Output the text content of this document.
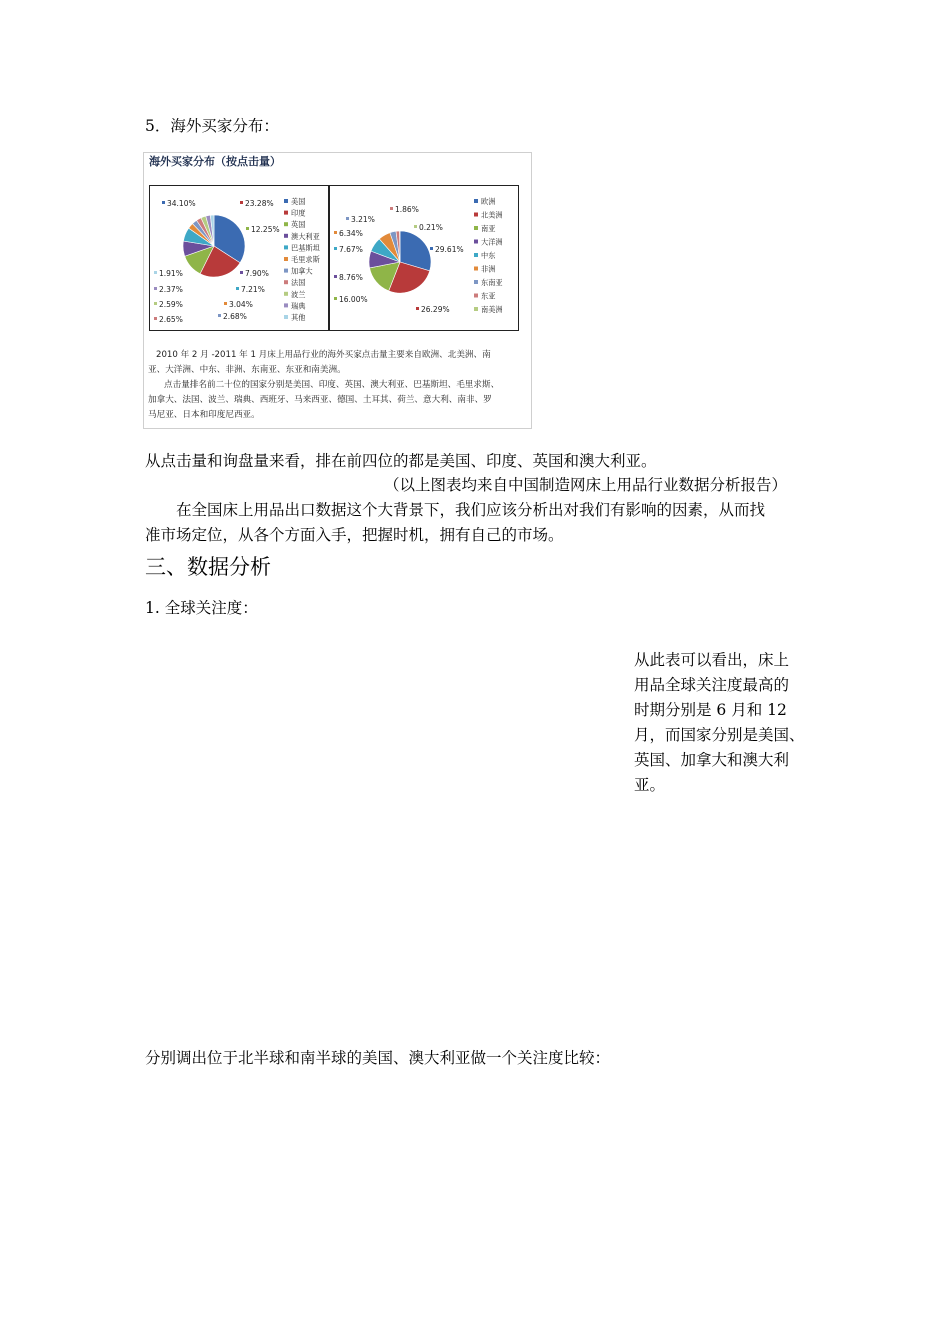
5．海外买家分布：
海外买家分布（按点击量）
34.10%	23.28%
12.25%
7.90%
7.21%
3.04%
2.68%
2.65%
2.59%
2.37%
1.91%
美国
印度
英国
澳大利亚
巴基斯坦
毛里求斯
加拿大
法国
波兰
瑞典
其他
29.61%
26.29%
16.00%
8.76%
7.67%
6.34%
3.21%
1.86%
0.21%
欧洲
北美洲
南亚
大洋洲
中东
非洲
东南亚
东亚
南美洲
2010 年 2 月 -2011 年 1 月床上用品行业的海外买家点击量主要来自欧洲、北美洲、南
亚、大洋洲、中东、非洲、东南亚、东亚和南美洲。
点击量排名前二十位的国家分别是美国、印度、英国、澳大利亚、巴基斯坦、毛里求斯、
加拿大、法国、波兰、瑞典、西班牙、马来西亚、德国、土耳其、荷兰、意大利、南非、罗
马尼亚、日本和印度尼西亚。
从点击量和询盘量来看，排在前四位的都是美国、印度、英国和澳大利亚。
（以上图表均来自中国制造网床上用品行业数据分析报告）
在全国床上用品出口数据这个大背景下，我们应该分析出对我们有影响的因素，从而找
准市场定位，从各个方面入手，把握时机，拥有自己的市场。
三、数据分析
1. 全球关注度：
从此表可以看出，床上
用品全球关注度最高的
时期分别是 6 月和 12
月，而国家分别是美国、
英国、加拿大和澳大利
亚。
分别调出位于北半球和南半球的美国、澳大利亚做一个关注度比较：
